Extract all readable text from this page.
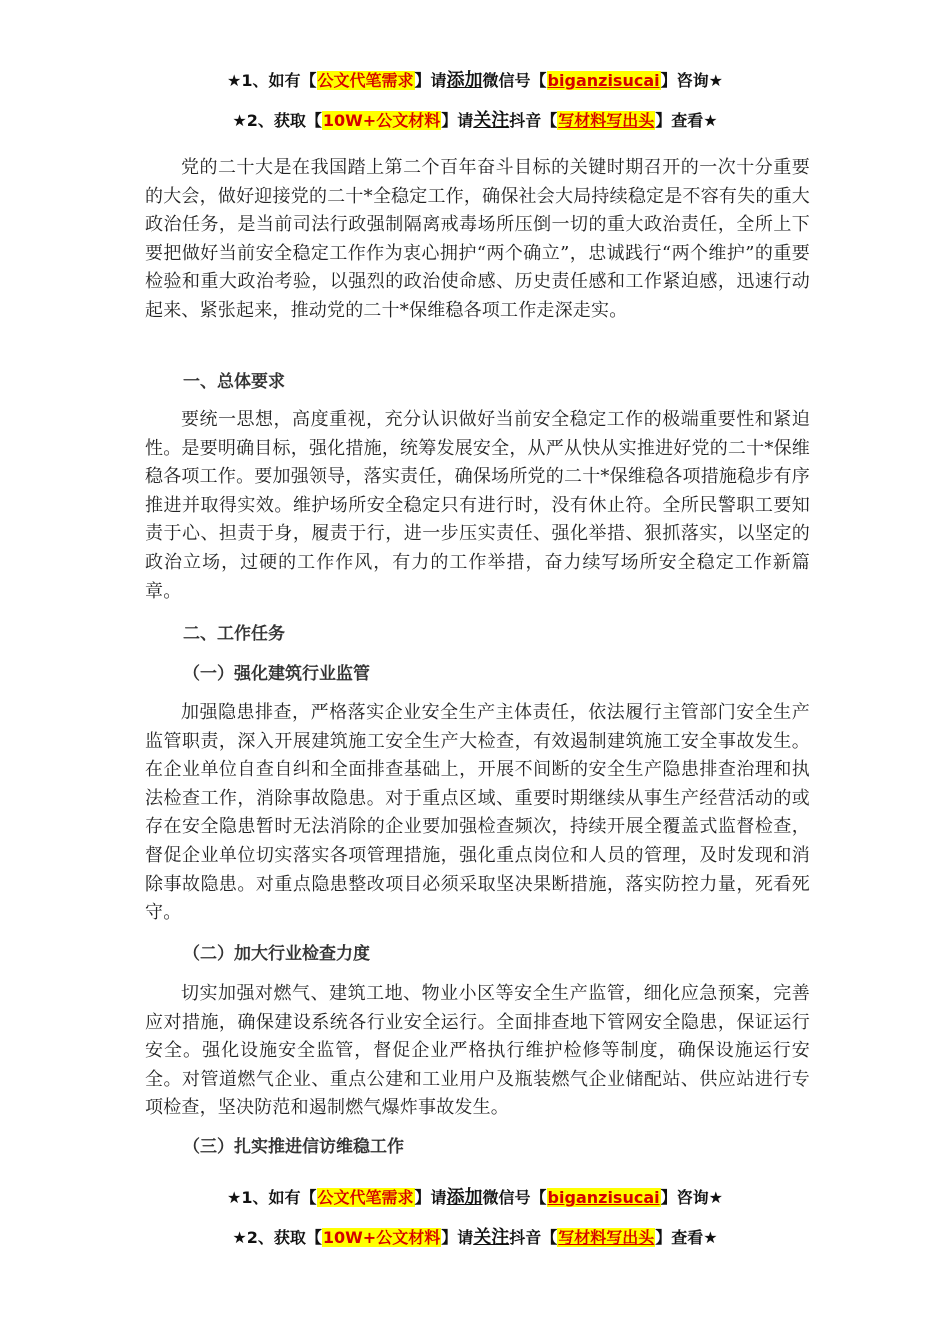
★1、如有【公文代笔需求】请添加微信号【biganzisucai】咨询★
★2、获取【10W+公文材料】请关注抖音【写材料写出头】查看★

党的二十大是在我国踏上第二个百年奋斗目标的关键时期召开的一次十分重要的大会，做好迎接党的二十*全稳定工作，确保社会大局持续稳定是不容有失的重大政治任务，是当前司法行政强制隔离戒毒场所压倒一切的重大政治责任，全所上下要把做好当前安全稳定工作作为衷心拥护“两个确立”，忠诚践行“两个维护”的重要检验和重大政治考验，以强烈的政治使命感、历史责任感和工作紧迫感，迅速行动起来、紧张起来，推动党的二十*保维稳各项工作走深走实。

一、总体要求

要统一思想，高度重视，充分认识做好当前安全稳定工作的极端重要性和紧迫性。是要明确目标，强化措施，统筹发展安全，从严从快从实推进好党的二十*保维稳各项工作。要加强领导，落实责任，确保场所党的二十*保维稳各项措施稳步有序推进并取得实效。维护场所安全稳定只有进行时，没有休止符。全所民警职工要知责于心、担责于身，履责于行，进一步压实责任、强化举措、狠抓落实，以坚定的政治立场，过硬的工作作风，有力的工作举措，奋力续写场所安全稳定工作新篇章。

二、工作任务
（一）强化建筑行业监管

加强隐患排查，严格落实企业安全生产主体责任，依法履行主管部门安全生产监管职责，深入开展建筑施工安全生产大检查，有效遏制建筑施工安全事故发生。在企业单位自查自纠和全面排查基础上，开展不间断的安全生产隐患排查治理和执法检查工作，消除事故隐患。对于重点区域、重要时期继续从事生产经营活动的或存在安全隐患暂时无法消除的企业要加强检查频次，持续开展全覆盖式监督检查，督促企业单位切实落实各项管理措施，强化重点岗位和人员的管理，及时发现和消除事故隐患。对重点隐患整改项目必须采取坚决果断措施，落实防控力量，死看死守。

（二）加大行业检查力度

切实加强对燃气、建筑工地、物业小区等安全生产监管，细化应急预案，完善应对措施，确保建设系统各行业安全运行。全面排查地下管网安全隐患，保证运行安全。强化设施安全监管，督促企业严格执行维护检修等制度，确保设施运行安全。对管道燃气企业、重点公建和工业用户及瓶装燃气企业储配站、供应站进行专项检查，坚决防范和遏制燃气爆炸事故发生。

（三）扎实推进信访维稳工作
★1、如有【公文代笔需求】请添加微信号【biganzisucai】咨询★
★2、获取【10W+公文材料】请关注抖音【写材料写出头】查看★
